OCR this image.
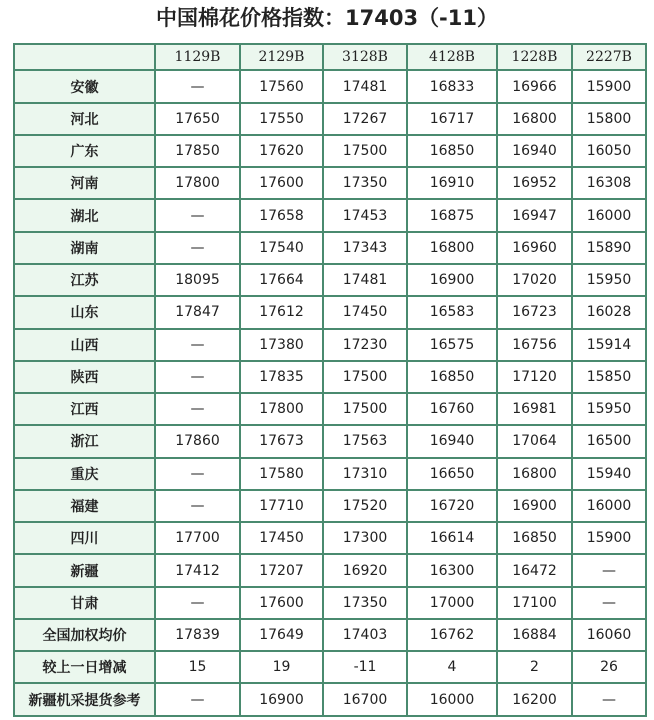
中国棉花价格指数：17403（-11）
	1129B	2129B	3128B	4128B	1228B	2227B
安徽	—	17560	17481	16833	16966	15900
河北	17650	17550	17267	16717	16800	15800
广东	17850	17620	17500	16850	16940	16050
河南	17800	17600	17350	16910	16952	16308
湖北	—	17658	17453	16875	16947	16000
湖南	—	17540	17343	16800	16960	15890
江苏	18095	17664	17481	16900	17020	15950
山东	17847	17612	17450	16583	16723	16028
山西	—	17380	17230	16575	16756	15914
陕西	—	17835	17500	16850	17120	15850
江西	—	17800	17500	16760	16981	15950
浙江	17860	17673	17563	16940	17064	16500
重庆	—	17580	17310	16650	16800	15940
福建	—	17710	17520	16720	16900	16000
四川	17700	17450	17300	16614	16850	15900
新疆	17412	17207	16920	16300	16472	—
甘肃	—	17600	17350	17000	17100	—
全国加权均价	17839	17649	17403	16762	16884	16060
较上一日增减	15	19	-11	4	2	26
新疆机采提货参考	—	16900	16700	16000	16200	—
